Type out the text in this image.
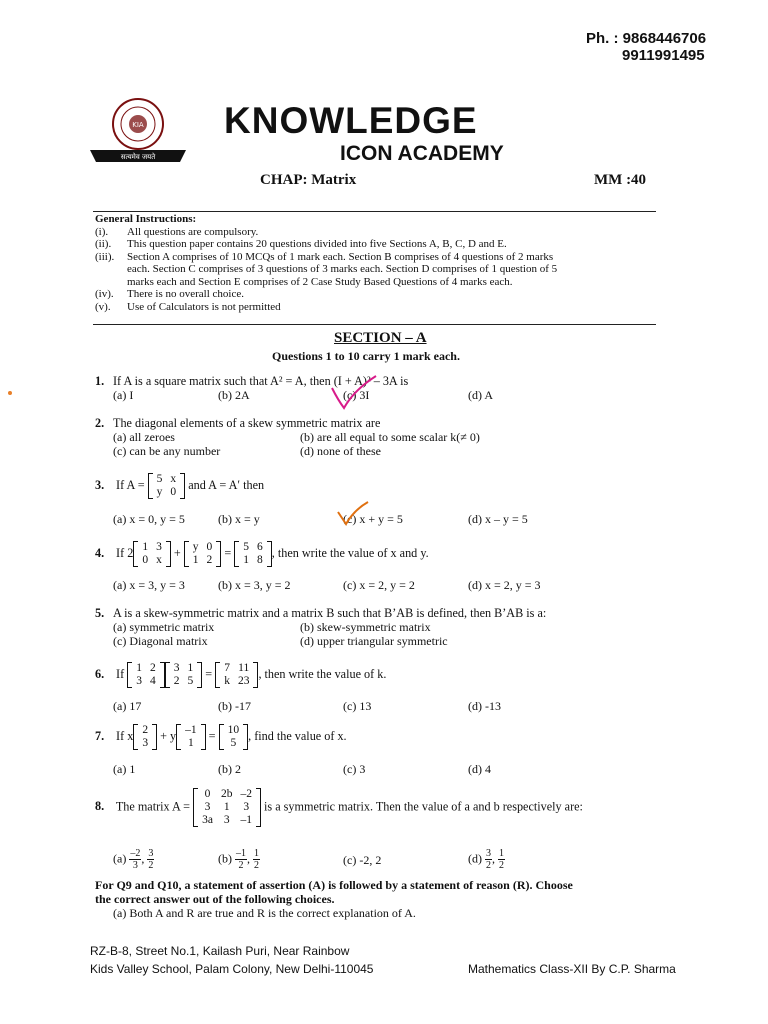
Ph. : 9868446706
9911991495
KIA
सत्यमेव जयते
KNOWLEDGE
ICON ACADEMY
CHAP: Matrix	MM :40
General Instructions:
(i). All questions are compulsory.
(ii). This question paper contains 20 questions divided into five Sections A, B, C, D and E.
(iii). Section A comprises of 10 MCQs of 1 mark each. Section B comprises of 4 questions of 2 marks
each. Section C comprises of 3 questions of 3 marks each. Section D comprises of 1 question of 5
marks each and Section E comprises of 2 Case Study Based Questions of 4 marks each.
(iv). There is no overall choice.
(v). Use of Calculators is not permitted
SECTION – A
Questions 1 to 10 carry 1 mark each.
1. If A is a square matrix such that A² = A, then (I + A)² – 3A is
(a) I	(b) 2A	(c) 3I	(d) A
2. The diagonal elements of a skew symmetric matrix are
(a) all zeroes	(b) are all equal to some scalar k(≠ 0)
(c) can be any number	(d) none of these
3. If A = 5	x
y	0
and A = A′ then
(a) x = 0, y = 5	(b) x = y	(c) x + y = 5	(d) x – y = 5
4. If 2 1	3
0	x
+ y	0
1	2
= 5	6
1	8
, then write the value of x and y.
(a) x = 3, y = 3	(b) x = 3, y = 2	(c) x = 2, y = 2	(d) x = 2, y = 3
5. A is a skew-symmetric matrix and a matrix B such that B’AB is defined, then B’AB is a:
(a) symmetric matrix	(b) skew-symmetric matrix
(c) Diagonal matrix	(d) upper triangular symmetric
6. If 1	2
3	4
3	1
2	5
= 7	11
k	23
, then write the value of k.
(a) 17	(b) -17	(c) 13	(d) -13
7. If x 2
3
+ y –1
1
= 10
5
, find the value of x.
(a) 1	(b) 2	(c) 3	(d) 4
8. The matrix A =
0	2b	–2
3	1	3
3a	3	–1
is a symmetric matrix. Then the value of a and b respectively are:
$(a) \frac{-2}{3}$ , $\frac{3}{2}$	$(b) \frac{-1}{2}$ , $\frac{1}{2}$	(c) -2, 2	$(d) \frac{3}{2}$ , $\frac{1}{2}$
For Q9 and Q10, a statement of assertion (A) is followed by a statement of reason (R). Choose
the correct answer out of the following choices.
(a) Both A and R are true and R is the correct explanation of A.
RZ-B-8, Street No.1, Kailash Puri, Near Rainbow
Kids Valley School, Palam Colony, New Delhi-110045	Mathematics Class-XII By C.P. Sharma
